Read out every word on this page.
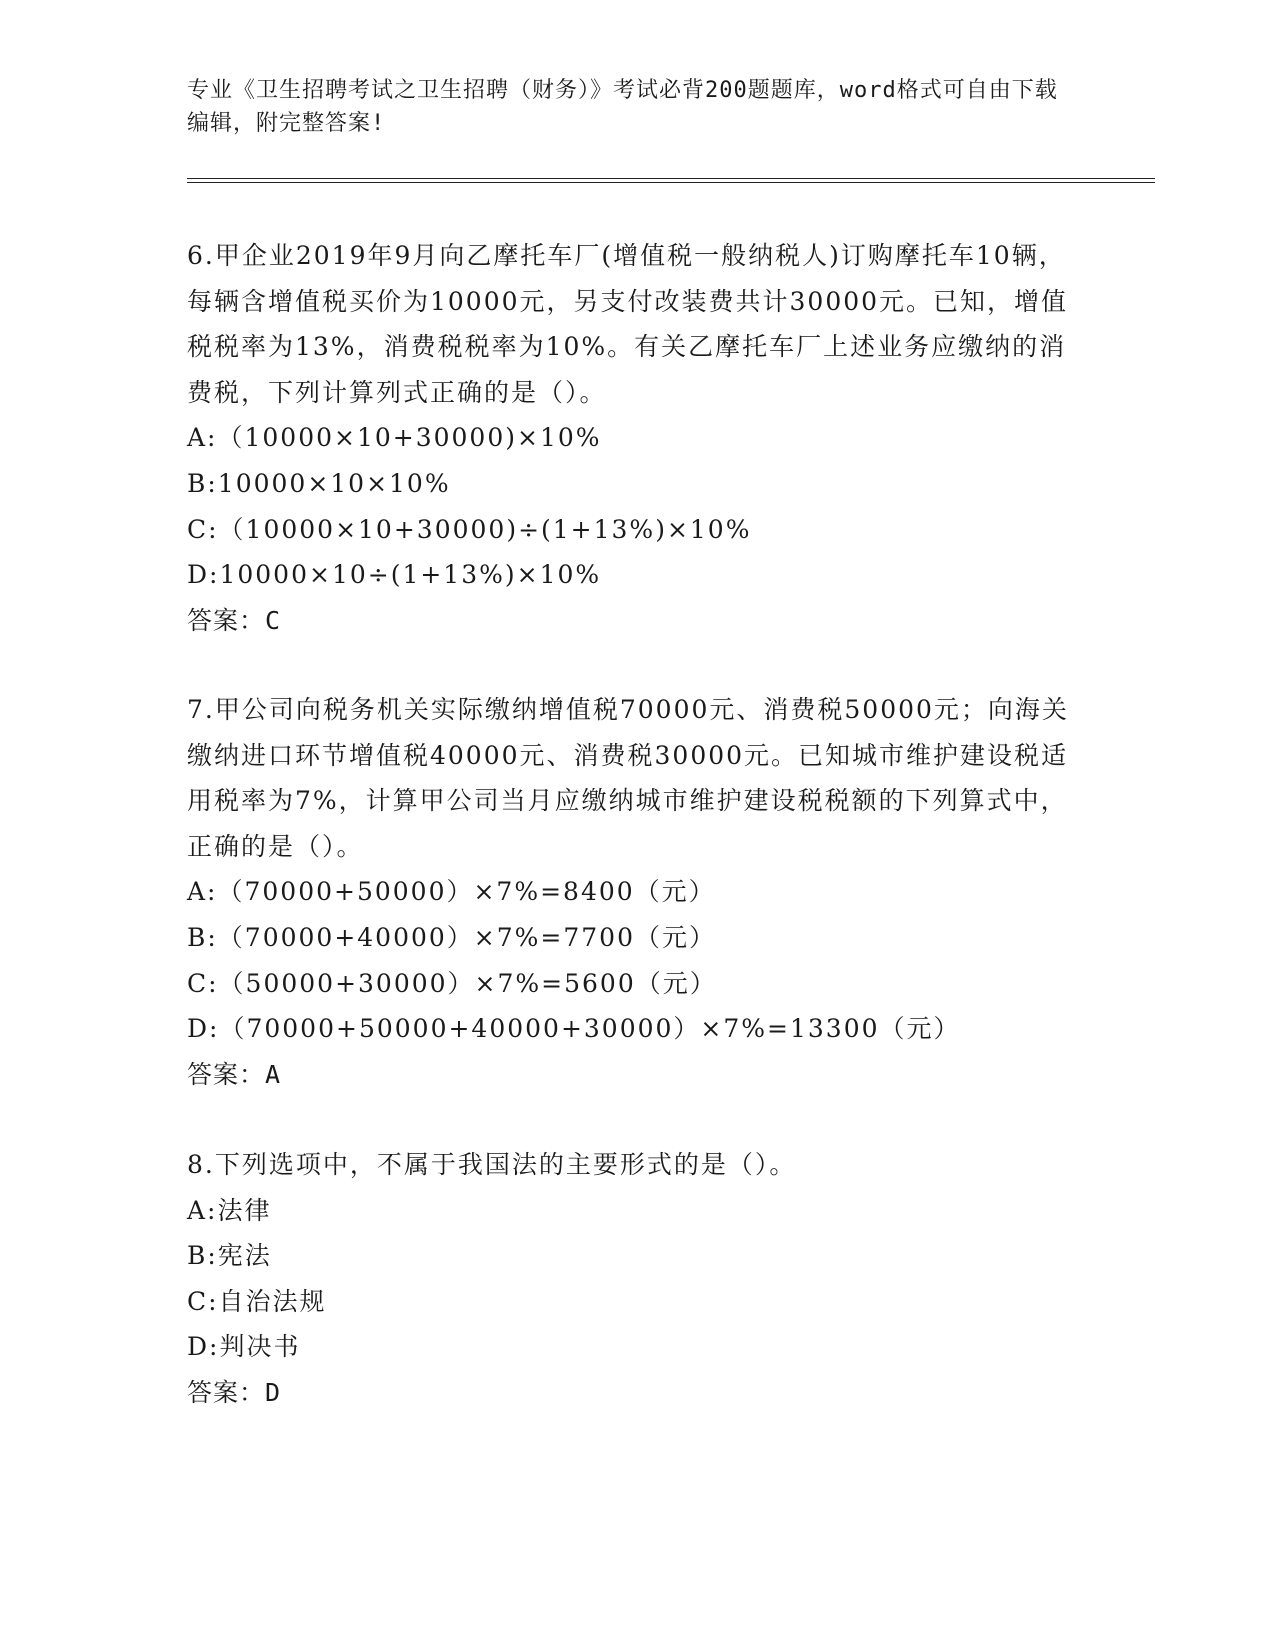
专业《卫生招聘考试之卫生招聘（财务）》考试必背200题题库，word格式可自由下载编辑，附完整答案!

6.甲企业2019年9月向乙摩托车厂(增值税一般纳税人)订购摩托车10辆，每辆含增值税买价为10000元，另支付改装费共计30000元。已知，增值税税率为13%，消费税税率为10%。有关乙摩托车厂上述业务应缴纳的消费税，下列计算列式正确的是（）。

A:（10000×10+30000)×10%
B:10000×10×10%
C:（10000×10+30000)÷(1+13%)×10%
D:10000×10÷(1+13%)×10%
答案：C

7.甲公司向税务机关实际缴纳增值税70000元、消费税50000元；向海关缴纳进口环节增值税40000元、消费税30000元。已知城市维护建设税适用税率为7%，计算甲公司当月应缴纳城市维护建设税税额的下列算式中，正确的是（）。

A:（70000+50000）×7%=8400（元）
B:（70000+40000）×7%=7700（元）
C:（50000+30000）×7%=5600（元）
D:（70000+50000+40000+30000）×7%=13300（元）
答案：A

8.下列选项中，不属于我国法的主要形式的是（）。

A:法律
B:宪法
C:自治法规
D:判决书
答案：D
